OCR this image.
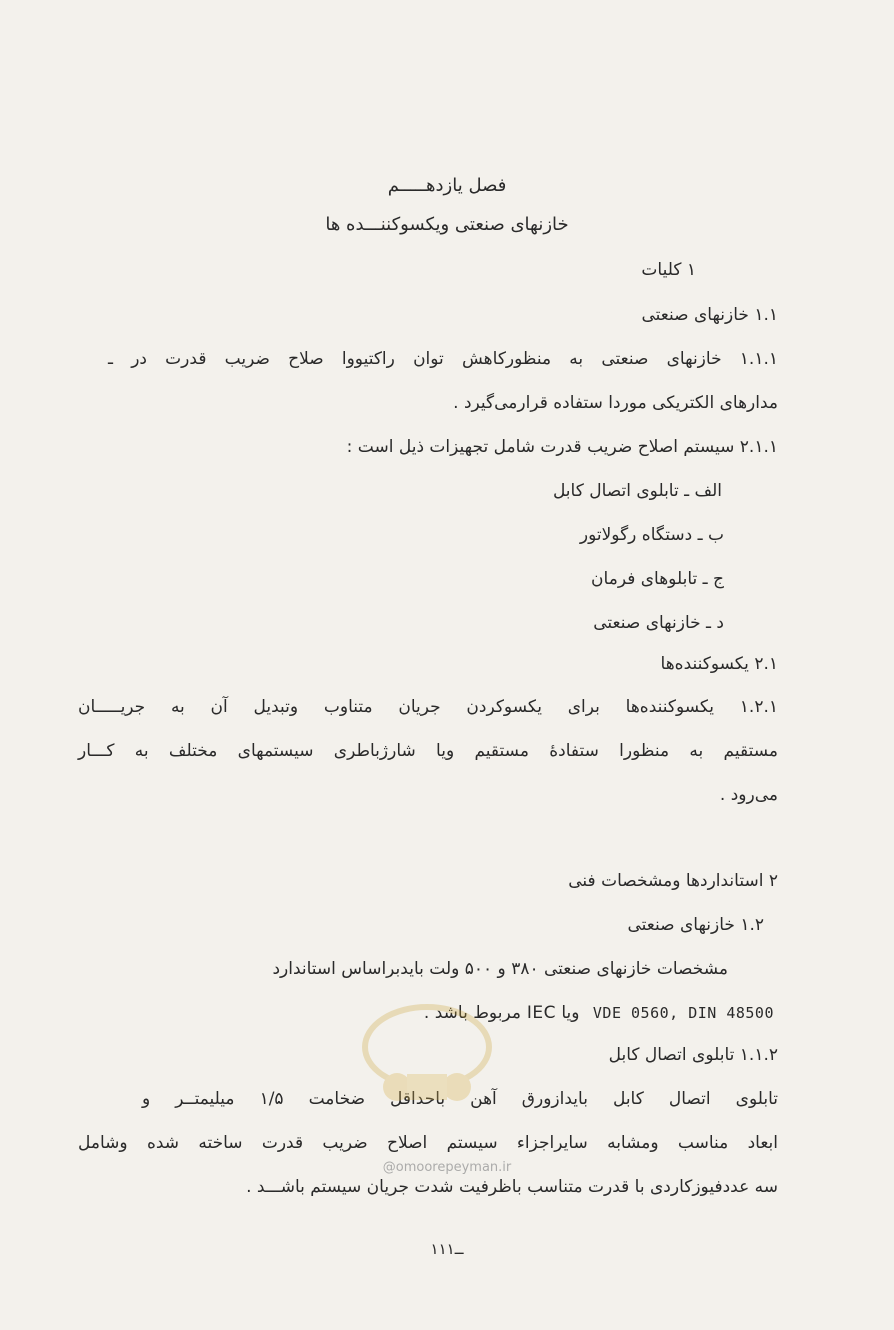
فصل یازدهـــــم
خازنهای صنعتی ویکسوکننـــده ها
۱ کلیات
۱.۱ خازنهای صنعتی
۱.۱.۱ خازنهای صنعتی به منظورکاهش توان راکتیووا صلاح ضریب قدرت در ـ
مدارهای الکتریکی موردا ستفاده قرارمی‌گیرد .
۲.۱.۱ سیستم اصلاح ضریب قدرت شامل تجهیزات ذیل است :
الف ـ تابلوی اتصال کابل
ب ـ دستگاه رگولاتور
ج ـ تابلوهای فرمان
د ـ خازنهای صنعتی
۲.۱ یکسوکننده‌ها
۱.۲.۱ یکسوکننده‌ها برای یکسوکردن جریان متناوب وتبدیل آن به جریـــــان
مستقیم به منظورا ستفادهٔ مستقیم ویا شارژباطری سیستمهای مختلف به کـــار
می‌رود .
۲ استانداردها ومشخصات فنی
۱.۲ خازنهای صنعتی
مشخصات خازنهای صنعتی ۳۸۰ و ۵۰۰ ولت بایدبراساس استاندارد
ویا IEC مربوط باشد . VDE 0560, DIN 48500
۱.۱.۲ تابلوی اتصال کابل
تابلوی اتصال کابل بایدازورق آهن باحداقل ضخامت ۱/۵ میلیمتــر و
ابعاد مناسب ومشابه سایراجزاء سیستم اصلاح ضریب قدرت ساخته شده وشامل
سه عددفیوزکاردی با قدرت متناسب باظرفیت شدت جریان سیستم باشـــد .
@omoorepeyman.ir
۱ــ۱۱
